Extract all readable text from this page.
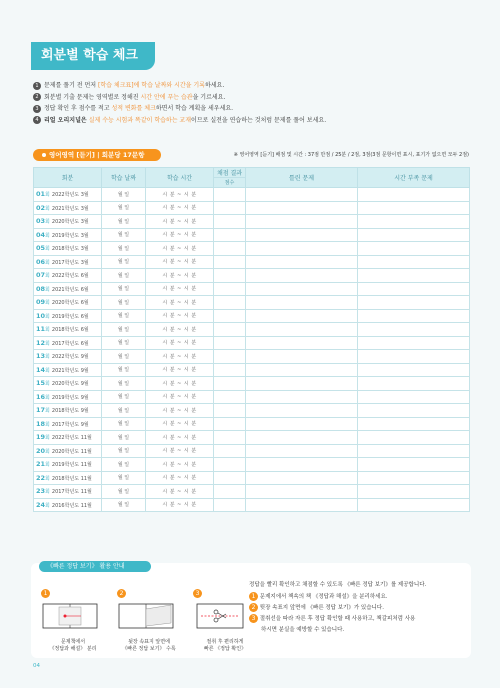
회분별 학습 체크
1 문제를 풀기 전 먼저 [학습 체크표]에 학습 날짜와 시간을 기록하세요.
2 회분별 기출 문제는 영역별로 정해진 시간 안에 푸는 습관을 기르세요.
3 정답 확인 후 점수를 적고 성적 변화를 체크하면서 학습 계획을 세우세요.
4 리얼 오리지널은 실제 수능 시험과 똑같이 학습하는 교재이므로 실전을 연습하는 것처럼 문제를 풀어 보세요.
영어영역 [듣기] | 회분당 17문항	※ 영어영역 [듣기] 배점 및 시간 : 37점 만점 / 25분 / 2점, 3점(3점 문항이면 표시, 표기가 없으면 모두 2점)
회분	학습 날짜	학습 시간	채점 결과	틀린 문제	시간 부족 문제
			점수		
01회 2022학년도 3월	월 일	시 분 ~ 시 분			
02회 2021학년도 3월	월 일	시 분 ~ 시 분			
03회 2020학년도 3월	월 일	시 분 ~ 시 분			
04회 2019학년도 3월	월 일	시 분 ~ 시 분			
05회 2018학년도 3월	월 일	시 분 ~ 시 분			
06회 2017학년도 3월	월 일	시 분 ~ 시 분			
07회 2022학년도 6월	월 일	시 분 ~ 시 분			
08회 2021학년도 6월	월 일	시 분 ~ 시 분			
09회 2020학년도 6월	월 일	시 분 ~ 시 분			
10회 2019학년도 6월	월 일	시 분 ~ 시 분			
11회 2018학년도 6월	월 일	시 분 ~ 시 분			
12회 2017학년도 6월	월 일	시 분 ~ 시 분			
13회 2022학년도 9월	월 일	시 분 ~ 시 분			
14회 2021학년도 9월	월 일	시 분 ~ 시 분			
15회 2020학년도 9월	월 일	시 분 ~ 시 분			
16회 2019학년도 9월	월 일	시 분 ~ 시 분			
17회 2018학년도 9월	월 일	시 분 ~ 시 분			
18회 2017학년도 9월	월 일	시 분 ~ 시 분			
19회 2022학년도 11월	월 일	시 분 ~ 시 분			
20회 2020학년도 11월	월 일	시 분 ~ 시 분			
21회 2019학년도 11월	월 일	시 분 ~ 시 분			
22회 2018학년도 11월	월 일	시 분 ~ 시 분			
23회 2017학년도 11월	월 일	시 분 ~ 시 분			
24회 2016학년도 11월	월 일	시 분 ~ 시 분			
《빠른 정답 보기》 활용 안내
1
문제책에서
《정답과 해설》 분리
2
뒷장 속표지 앞면에
《빠른 정답 보기》 수록
3
절취 후 편리하게
빠른 《정답 확인》
정답을 빨리 확인하고 채점할 수 있도록 《빠른 정답 보기》를 제공합니다.
1 문제지에서 책속의 책 《정답과 해설》을 분리하세요.
2 뒷장 속표지 앞면에 《빠른 정답 보기》가 있습니다.
3 절취선을 따라 자른 후 정답 확인할 때 사용하고, 책갈피처럼 사용
하시면 분실을 예방할 수 있습니다.
04
